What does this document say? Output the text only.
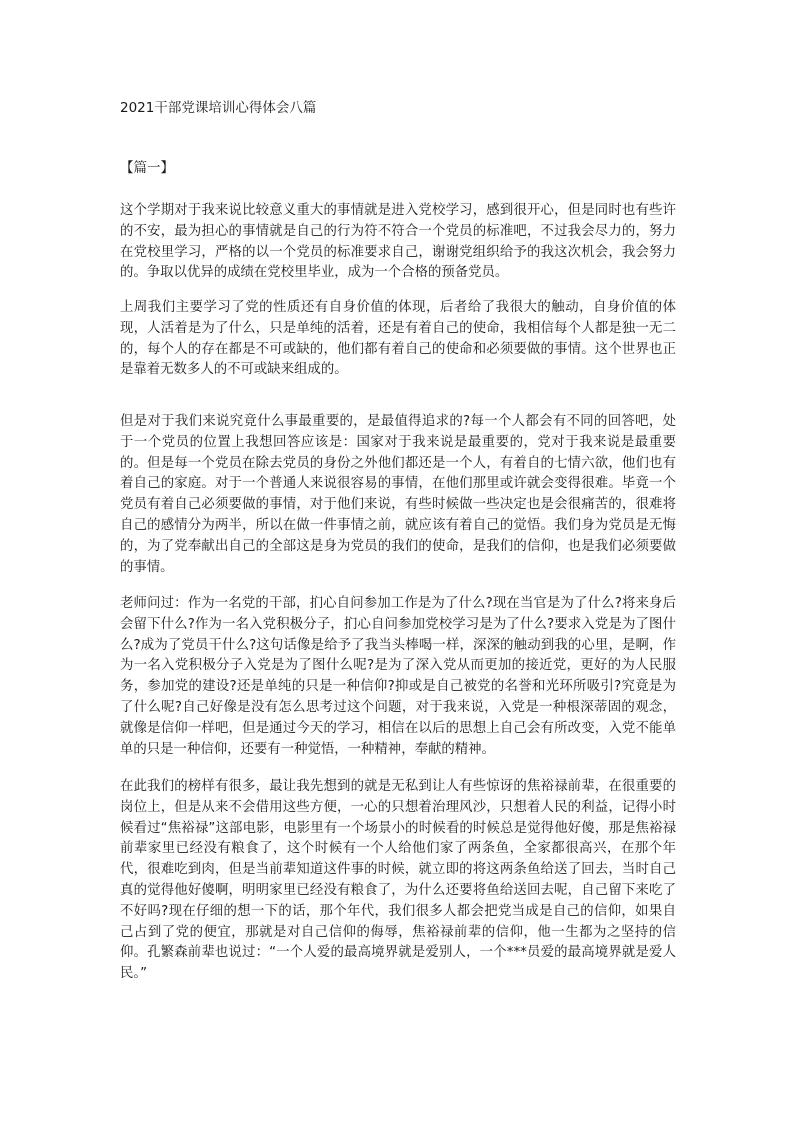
2021干部党课培训心得体会八篇
【篇一】

这个学期对于我来说比较意义重大的事情就是进入党校学习，感到很开心，但是同时也有些许的不安，最为担心的事情就是自己的行为符不符合一个党员的标准吧，不过我会尽力的，努力在党校里学习，严格的以一个党员的标准要求自己，谢谢党组织给予的我这次机会，我会努力的。争取以优异的成绩在党校里毕业，成为一个合格的预备党员。

上周我们主要学习了党的性质还有自身价值的体现，后者给了我很大的触动，自身价值的体现，人活着是为了什么，只是单纯的活着，还是有着自己的使命，我相信每个人都是独一无二的，每个人的存在都是不可或缺的，他们都有着自己的使命和必须要做的事情。这个世界也正是靠着无数多人的不可或缺来组成的。

但是对于我们来说究竟什么事最重要的，是最值得追求的?每一个人都会有不同的回答吧，处于一个党员的位置上我想回答应该是：国家对于我来说是最重要的，党对于我来说是最重要的。但是每一个党员在除去党员的身份之外他们都还是一个人，有着自的七情六欲，他们也有着自己的家庭。对于一个普通人来说很容易的事情，在他们那里或许就会变得很难。毕竟一个党员有着自己必须要做的事情，对于他们来说，有些时候做一些决定也是会很痛苦的，很难将自己的感情分为两半，所以在做一件事情之前，就应该有着自己的觉悟。我们身为党员是无悔的，为了党奉献出自己的全部这是身为党员的我们的使命，是我们的信仰，也是我们必须要做的事情。

老师问过：作为一名党的干部，扪心自问参加工作是为了什么?现在当官是为了什么?将来身后会留下什么?作为一名入党积极分子，扪心自问参加党校学习是为了什么?要求入党是为了图什么?成为了党员干什么?这句话像是给予了我当头棒喝一样，深深的触动到我的心里，是啊，作为一名入党积极分子入党是为了图什么呢?是为了深入党从而更加的接近党，更好的为人民服务，参加党的建设?还是单纯的只是一种信仰?抑或是自己被党的名誉和光环所吸引?究竟是为了什么呢?自己好像是没有怎么思考过这个问题，对于我来说，入党是一种根深蒂固的观念，就像是信仰一样吧，但是通过今天的学习，相信在以后的思想上自己会有所改变，入党不能单单的只是一种信仰，还要有一种觉悟，一种精神，奉献的精神。

在此我们的榜样有很多，最让我先想到的就是无私到让人有些惊讶的焦裕禄前辈，在很重要的岗位上，但是从来不会借用这些方便，一心的只想着治理风沙，只想着人民的利益，记得小时候看过“焦裕禄”这部电影，电影里有一个场景小的时候看的时候总是觉得他好傻，那是焦裕禄前辈家里已经没有粮食了，这个时候有一个人给他们家了两条鱼，全家都很高兴，在那个年代，很难吃到肉，但是当前辈知道这件事的时候，就立即的将这两条鱼给送了回去，当时自己真的觉得他好傻啊，明明家里已经没有粮食了，为什么还要将鱼给送回去呢，自己留下来吃了不好吗?现在仔细的想一下的话，那个年代，我们很多人都会把党当成是自己的信仰，如果自己占到了党的便宜，那就是对自己信仰的侮辱，焦裕禄前辈的信仰，他一生都为之坚持的信仰。孔繁森前辈也说过：“一个人爱的最高境界就是爱别人，一个***员爱的最高境界就是爱人民。”
